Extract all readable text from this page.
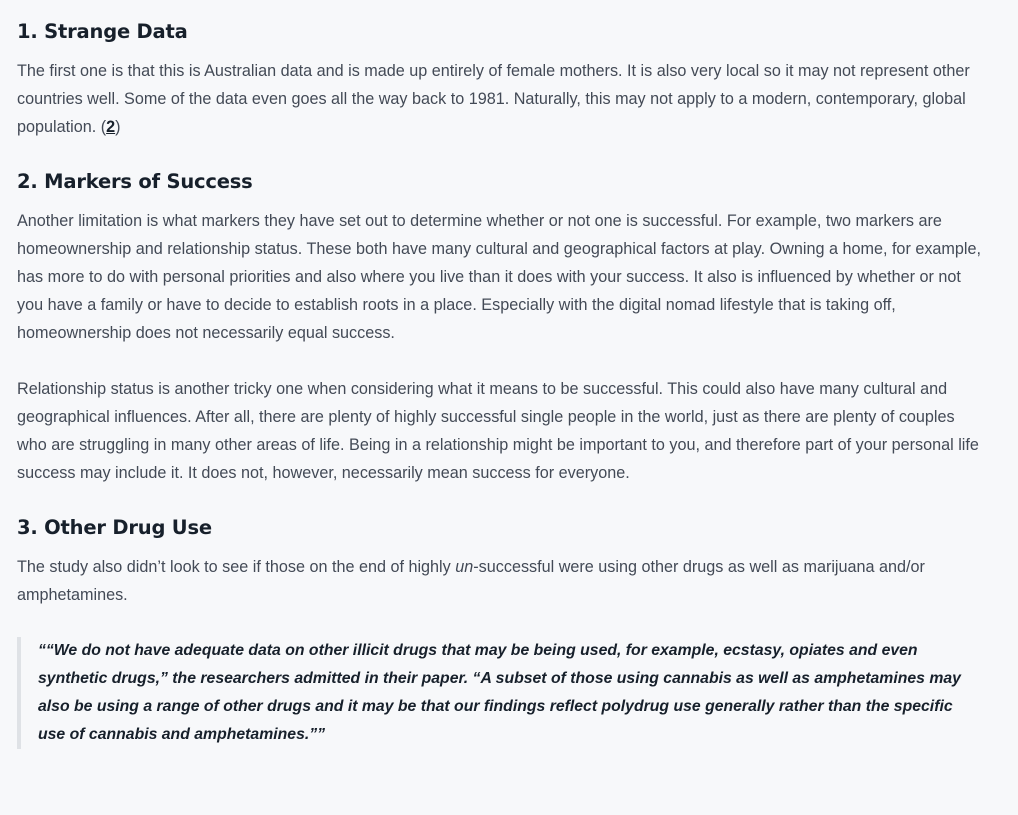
1. Strange Data

The first one is that this is Australian data and is made up entirely of female mothers. It is also very local so it may not represent other countries well. Some of the data even goes all the way back to 1981. Naturally, this may not apply to a modern, contemporary, global population. (2)

2. Markers of Success

Another limitation is what markers they have set out to determine whether or not one is successful. For example, two markers are homeownership and relationship status. These both have many cultural and geographical factors at play. Owning a home, for example, has more to do with personal priorities and also where you live than it does with your success. It also is influenced by whether or not you have a family or have to decide to establish roots in a place. Especially with the digital nomad lifestyle that is taking off, homeownership does not necessarily equal success.

Relationship status is another tricky one when considering what it means to be successful. This could also have many cultural and geographical influences. After all, there are plenty of highly successful single people in the world, just as there are plenty of couples who are struggling in many other areas of life. Being in a relationship might be important to you, and therefore part of your personal life success may include it. It does not, however, necessarily mean success for everyone.

3. Other Drug Use

The study also didn’t look to see if those on the end of highly un-successful were using other drugs as well as marijuana and/or amphetamines.

““We do not have adequate data on other illicit drugs that may be being used, for example, ecstasy, opiates and even synthetic drugs,” the researchers admitted in their paper. “A subset of those using cannabis as well as amphetamines may also be using a range of other drugs and it may be that our findings reflect polydrug use generally rather than the specific use of cannabis and amphetamines.””
